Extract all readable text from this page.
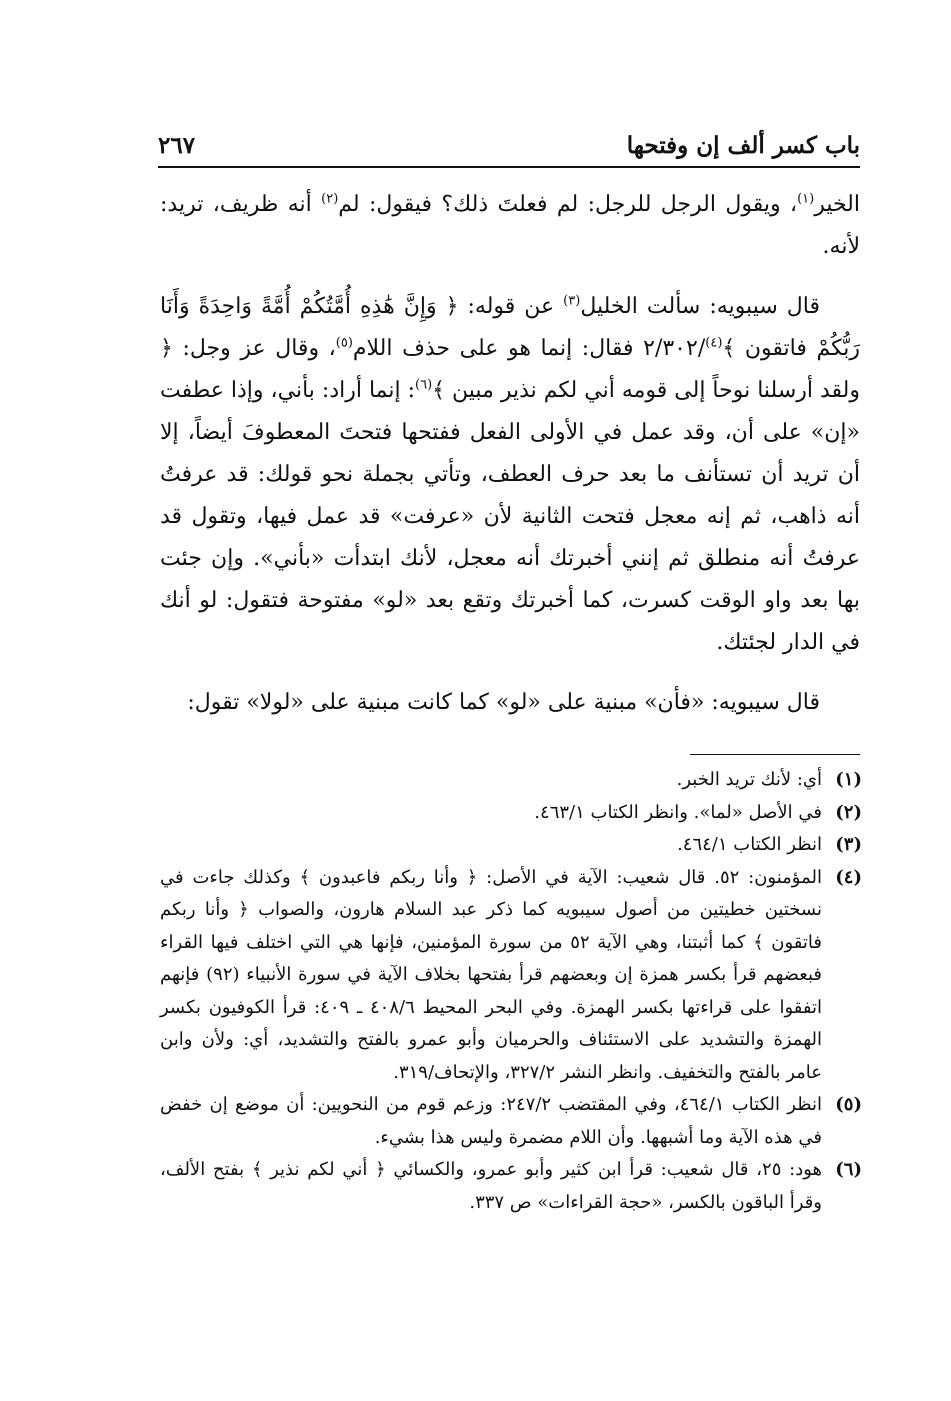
باب كسر ألف إن وفتحها
٢٦٧

الخير$^{(١)}$، ويقول الرجل للرجل: لم فعلتَ ذلك؟ فيقول: لم$^{(٢)}$ أنه ظريف، تريد: لأنه.

قال سيبويه: سألت الخليل$^{(٣)}$ عن قوله: ﴿ وَإِنَّ هَٰذِهِ أُمَّتُكُمْ أُمَّةً وَاحِدَةً وَأَنَا رَبُّكُمْ فاتقون ﴾$^{(٤)}$/٢/٣٠٢ فقال: إنما هو على حذف اللام$^{(٥)}$، وقال عز وجل: ﴿ ولقد أرسلنا نوحاً إلى قومه أني لكم نذير مبين ﴾$^{(٦)}$: إنما أراد: بأني، وإذا عطفت «إن» على أن، وقد عمل في الأولى الفعل ففتحها فتحتَ المعطوفَ أيضاً، إلا أن تريد أن تستأنف ما بعد حرف العطف، وتأتي بجملة نحو قولك: قد عرفتُ أنه ذاهب، ثم إنه معجل فتحت الثانية لأن «عرفت» قد عمل فيها، وتقول قد عرفتُ أنه منطلق ثم إنني أخبرتك أنه معجل، لأنك ابتدأت «بأني». وإن جئت بها بعد واو الوقت كسرت، كما أخبرتك وتقع بعد «لو» مفتوحة فتقول: لو أنك في الدار لجئتك.

قال سيبويه: «فأن» مبنية على «لو» كما كانت مبنية على «لولا» تقول:

(١)
أي: لأنك تريد الخبر.
(٢)
في الأصل «لما». وانظر الكتاب ٤٦٣/١.
(٣)
انظر الكتاب ٤٦٤/١.
(٤)
المؤمنون: ٥٢. قال شعيب: الآية في الأصل: ﴿ وأنا ربكم فاعبدون ﴾ وكذلك جاءت في نسختين خطيتين من أصول سيبويه كما ذكر عبد السلام هارون، والصواب ﴿ وأنا ربكم فاتقون ﴾ كما أثبتنا، وهي الآية ٥٢ من سورة المؤمنين، فإنها هي التي اختلف فيها القراء فبعضهم قرأ بكسر همزة إن وبعضهم قرأ بفتحها بخلاف الآية في سورة الأنبياء (٩٢) فإنهم اتفقوا على قراءتها بكسر الهمزة. وفي البحر المحيط ٤٠٨/٦ ـ ٤٠٩: قرأ الكوفيون بكسر الهمزة والتشديد على الاستئناف والحرميان وأبو عمرو بالفتح والتشديد، أي: ولأن وابن عامر بالفتح والتخفيف. وانظر النشر ٣٢٧/٢، والإتحاف/٣١٩.
(٥)
انظر الكتاب ٤٦٤/١، وفي المقتضب ٢٤٧/٢: وزعم قوم من النحويين: أن موضع إن خفض في هذه الآية وما أشبهها. وأن اللام مضمرة وليس هذا بشيء.
(٦)
هود: ٢٥، قال شعيب: قرأ ابن كثير وأبو عمرو، والكسائي ﴿ أني لكم نذير ﴾ بفتح الألف، وقرأ الباقون بالكسر، «حجة القراءات» ص ٣٣٧.
